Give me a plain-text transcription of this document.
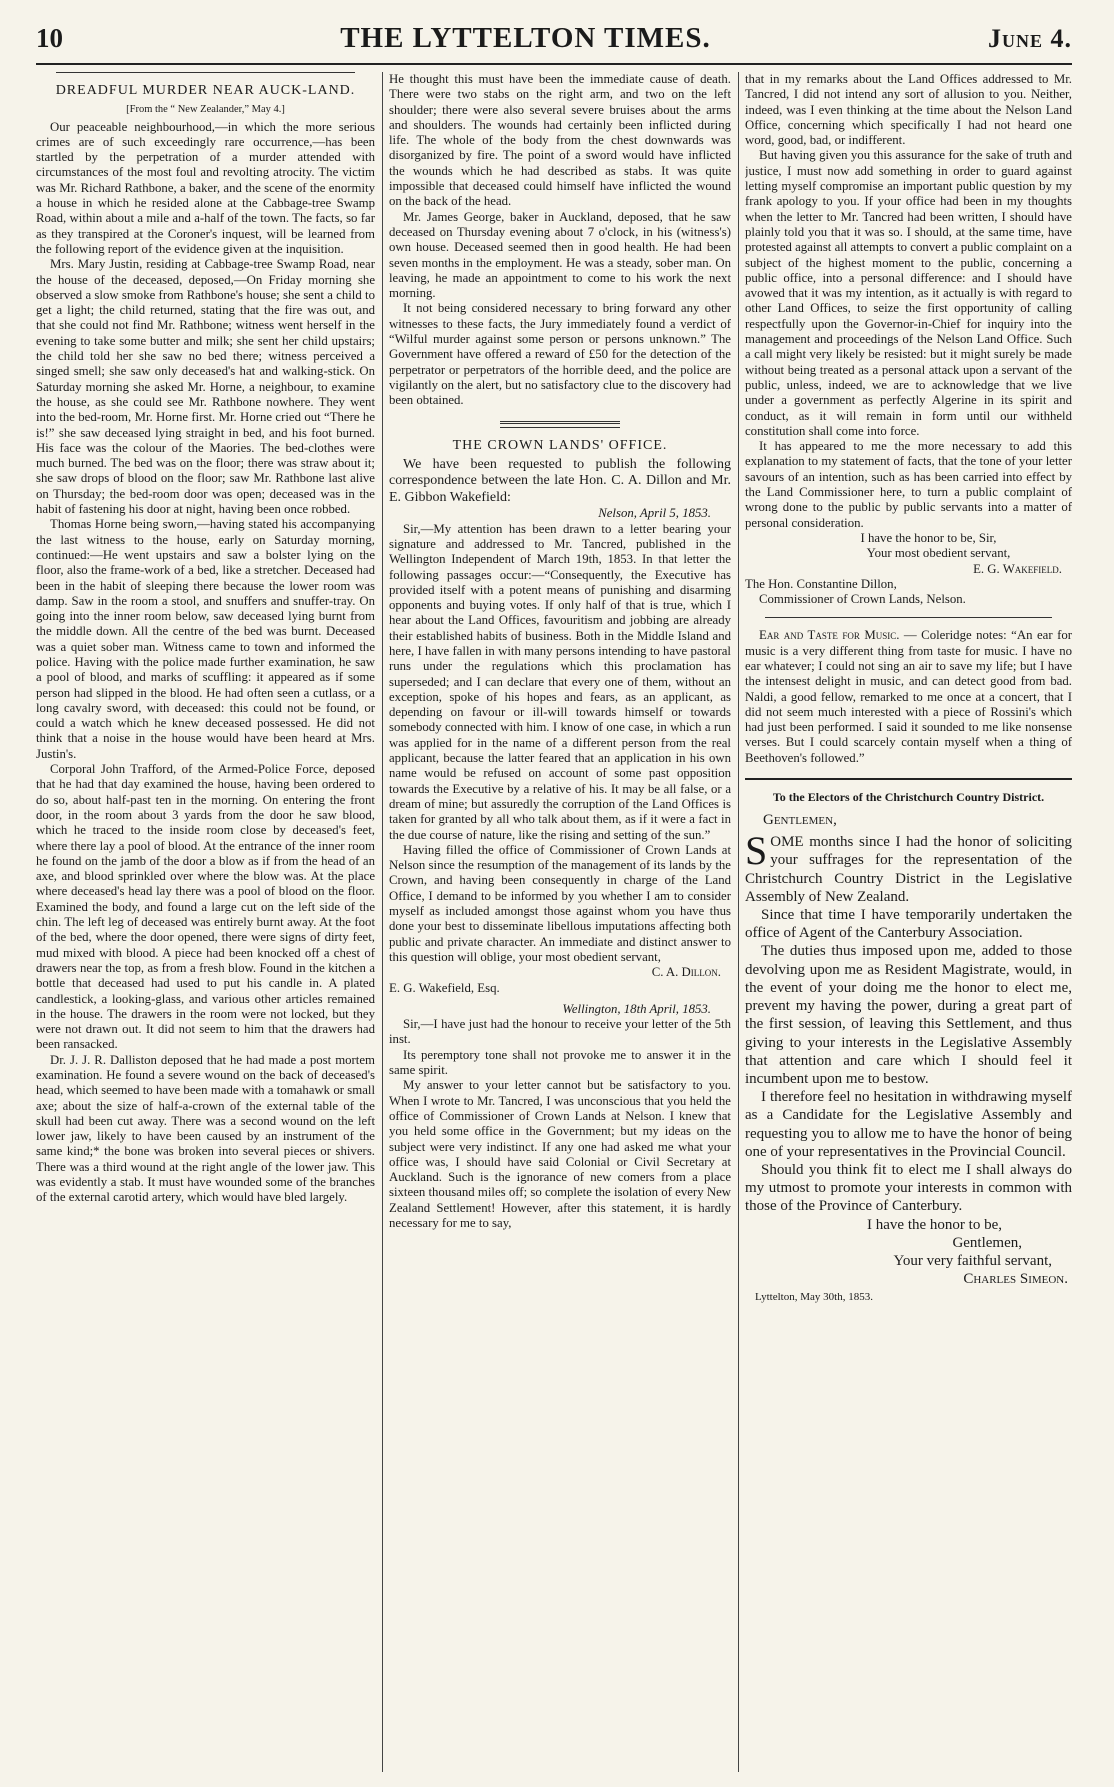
10	THE LYTTELTON TIMES.	June 4.

DREADFUL MURDER NEAR AUCK-LAND.

[From the “ New Zealander,” May 4.]

Our peaceable neighbourhood,—in which the more serious crimes are of such exceedingly rare occurrence,—has been startled by the perpetration of a murder attended with circumstances of the most foul and revolting atrocity. The victim was Mr. Richard Rathbone, a baker, and the scene of the enormity a house in which he resided alone at the Cabbage-tree Swamp Road, within about a mile and a-half of the town. The facts, so far as they transpired at the Coroner's inquest, will be learned from the following report of the evidence given at the inquisition.

Mrs. Mary Justin, residing at Cabbage-tree Swamp Road, near the house of the deceased, deposed,—On Friday morning she observed a slow smoke from Rathbone's house; she sent a child to get a light; the child returned, stating that the fire was out, and that she could not find Mr. Rathbone; witness went herself in the evening to take some butter and milk; she sent her child upstairs; the child told her she saw no bed there; witness perceived a singed smell; she saw only deceased's hat and walking-stick. On Saturday morning she asked Mr. Horne, a neighbour, to examine the house, as she could see Mr. Rathbone nowhere. They went into the bed-room, Mr. Horne first. Mr. Horne cried out “There he is!” she saw deceased lying straight in bed, and his foot burned. His face was the colour of the Maories. The bed-clothes were much burned. The bed was on the floor; there was straw about it; she saw drops of blood on the floor; saw Mr. Rathbone last alive on Thursday; the bed-room door was open; deceased was in the habit of fastening his door at night, having been once robbed.

Thomas Horne being sworn,—having stated his accompanying the last witness to the house, early on Saturday morning, continued:—He went upstairs and saw a bolster lying on the floor, also the frame-work of a bed, like a stretcher. Deceased had been in the habit of sleeping there because the lower room was damp. Saw in the room a stool, and snuffers and snuffer-tray. On going into the inner room below, saw deceased lying burnt from the middle down. All the centre of the bed was burnt. Deceased was a quiet sober man. Witness came to town and informed the police. Having with the police made further examination, he saw a pool of blood, and marks of scuffling: it appeared as if some person had slipped in the blood. He had often seen a cutlass, or a long cavalry sword, with deceased: this could not be found, or could a watch which he knew deceased possessed. He did not think that a noise in the house would have been heard at Mrs. Justin's.

Corporal John Trafford, of the Armed-Police Force, deposed that he had that day examined the house, having been ordered to do so, about half-past ten in the morning. On entering the front door, in the room about 3 yards from the door he saw blood, which he traced to the inside room close by deceased's feet, where there lay a pool of blood. At the entrance of the inner room he found on the jamb of the door a blow as if from the head of an axe, and blood sprinkled over where the blow was. At the place where deceased's head lay there was a pool of blood on the floor. Examined the body, and found a large cut on the left side of the chin. The left leg of deceased was entirely burnt away. At the foot of the bed, where the door opened, there were signs of dirty feet, mud mixed with blood. A piece had been knocked off a chest of drawers near the top, as from a fresh blow. Found in the kitchen a bottle that deceased had used to put his candle in. A plated candlestick, a looking-glass, and various other articles remained in the house. The drawers in the room were not locked, but they were not drawn out. It did not seem to him that the drawers had been ransacked.

Dr. J. J. R. Dalliston deposed that he had made a post mortem examination. He found a severe wound on the back of deceased's head, which seemed to have been made with a tomahawk or small axe; about the size of half-a-crown of the external table of the skull had been cut away. There was a second wound on the left lower jaw, likely to have been caused by an instrument of the same kind;* the bone was broken into several pieces or shivers. There was a third wound at the right angle of the lower jaw. This was evidently a stab. It must have wounded some of the branches of the external carotid artery, which would have bled largely.

He thought this must have been the immediate cause of death. There were two stabs on the right arm, and two on the left shoulder; there were also several severe bruises about the arms and shoulders. The wounds had certainly been inflicted during life. The whole of the body from the chest downwards was disorganized by fire. The point of a sword would have inflicted the wounds which he had described as stabs. It was quite impossible that deceased could himself have inflicted the wound on the back of the head.

Mr. James George, baker in Auckland, deposed, that he saw deceased on Thursday evening about 7 o'clock, in his (witness's) own house. Deceased seemed then in good health. He had been seven months in the employment. He was a steady, sober man. On leaving, he made an appointment to come to his work the next morning.

It not being considered necessary to bring forward any other witnesses to these facts, the Jury immediately found a verdict of “Wilful murder against some person or persons unknown.” The Government have offered a reward of £50 for the detection of the perpetrator or perpetrators of the horrible deed, and the police are vigilantly on the alert, but no satisfactory clue to the discovery had been obtained.

THE CROWN LANDS' OFFICE.

We have been requested to publish the following correspondence between the late Hon. C. A. Dillon and Mr. E. Gibbon Wakefield:

Nelson, April 5, 1853.

Sir,—My attention has been drawn to a letter bearing your signature and addressed to Mr. Tancred, published in the Wellington Independent of March 19th, 1853. In that letter the following passages occur:—“Consequently, the Executive has provided itself with a potent means of punishing and disarming opponents and buying votes. If only half of that is true, which I hear about the Land Offices, favouritism and jobbing are already their established habits of business. Both in the Middle Island and here, I have fallen in with many persons intending to have pastoral runs under the regulations which this proclamation has superseded; and I can declare that every one of them, without an exception, spoke of his hopes and fears, as an applicant, as depending on favour or ill-will towards himself or towards somebody connected with him. I know of one case, in which a run was applied for in the name of a different person from the real applicant, because the latter feared that an application in his own name would be refused on account of some past opposition towards the Executive by a relative of his. It may be all false, or a dream of mine; but assuredly the corruption of the Land Offices is taken for granted by all who talk about them, as if it were a fact in the due course of nature, like the rising and setting of the sun.”

Having filled the office of Commissioner of Crown Lands at Nelson since the resumption of the management of its lands by the Crown, and having been consequently in charge of the Land Office, I demand to be informed by you whether I am to consider myself as included amongst those against whom you have thus done your best to disseminate libellous imputations affecting both public and private character. An immediate and distinct answer to this question will oblige, your most obedient servant,

C. A. Dillon.

E. G. Wakefield, Esq.

Wellington, 18th April, 1853.

Sir,—I have just had the honour to receive your letter of the 5th inst.

Its peremptory tone shall not provoke me to answer it in the same spirit.

My answer to your letter cannot but be satisfactory to you. When I wrote to Mr. Tancred, I was unconscious that you held the office of Commissioner of Crown Lands at Nelson. I knew that you held some office in the Government; but my ideas on the subject were very indistinct. If any one had asked me what your office was, I should have said Colonial or Civil Secretary at Auckland. Such is the ignorance of new comers from a place sixteen thousand miles off; so complete the isolation of every New Zealand Settlement! However, after this statement, it is hardly necessary for me to say,

that in my remarks about the Land Offices addressed to Mr. Tancred, I did not intend any sort of allusion to you. Neither, indeed, was I even thinking at the time about the Nelson Land Office, concerning which specifically I had not heard one word, good, bad, or indifferent.

But having given you this assurance for the sake of truth and justice, I must now add something in order to guard against letting myself compromise an important public question by my frank apology to you. If your office had been in my thoughts when the letter to Mr. Tancred had been written, I should have plainly told you that it was so. I should, at the same time, have protested against all attempts to convert a public complaint on a subject of the highest moment to the public, concerning a public office, into a personal difference: and I should have avowed that it was my intention, as it actually is with regard to other Land Offices, to seize the first opportunity of calling respectfully upon the Governor-in-Chief for inquiry into the management and proceedings of the Nelson Land Office. Such a call might very likely be resisted: but it might surely be made without being treated as a personal attack upon a servant of the public, unless, indeed, we are to acknowledge that we live under a government as perfectly Algerine in its spirit and conduct, as it will remain in form until our withheld constitution shall come into force.

It has appeared to me the more necessary to add this explanation to my statement of facts, that the tone of your letter savours of an intention, such as has been carried into effect by the Land Commissioner here, to turn a public complaint of wrong done to the public by public servants into a matter of personal consideration.

I have the honor to be, Sir,

Your most obedient servant,

E. G. Wakefield.

The Hon. Constantine Dillon,

Commissioner of Crown Lands, Nelson.

Ear and Taste for Music. — Coleridge notes: “An ear for music is a very different thing from taste for music. I have no ear whatever; I could not sing an air to save my life; but I have the intensest delight in music, and can detect good from bad. Naldi, a good fellow, remarked to me once at a concert, that I did not seem much interested with a piece of Rossini's which had just been performed. I said it sounded to me like nonsense verses. But I could scarcely contain myself when a thing of Beethoven's followed.”

To the Electors of the Christchurch Country District.

Gentlemen,

SOME months since I had the honor of soliciting your suffrages for the representation of the Christchurch Country District in the Legislative Assembly of New Zealand.

Since that time I have temporarily undertaken the office of Agent of the Canterbury Association.

The duties thus imposed upon me, added to those devolving upon me as Resident Magistrate, would, in the event of your doing me the honor to elect me, prevent my having the power, during a great part of the first session, of leaving this Settlement, and thus giving to your interests in the Legislative Assembly that attention and care which I should feel it incumbent upon me to bestow.

I therefore feel no hesitation in withdrawing myself as a Candidate for the Legislative Assembly and requesting you to allow me to have the honor of being one of your representatives in the Provincial Council.

Should you think fit to elect me I shall always do my utmost to promote your interests in common with those of the Province of Canterbury.

I have the honor to be,

Gentlemen,

Your very faithful servant,

Charles Simeon.

Lyttelton, May 30th, 1853.
